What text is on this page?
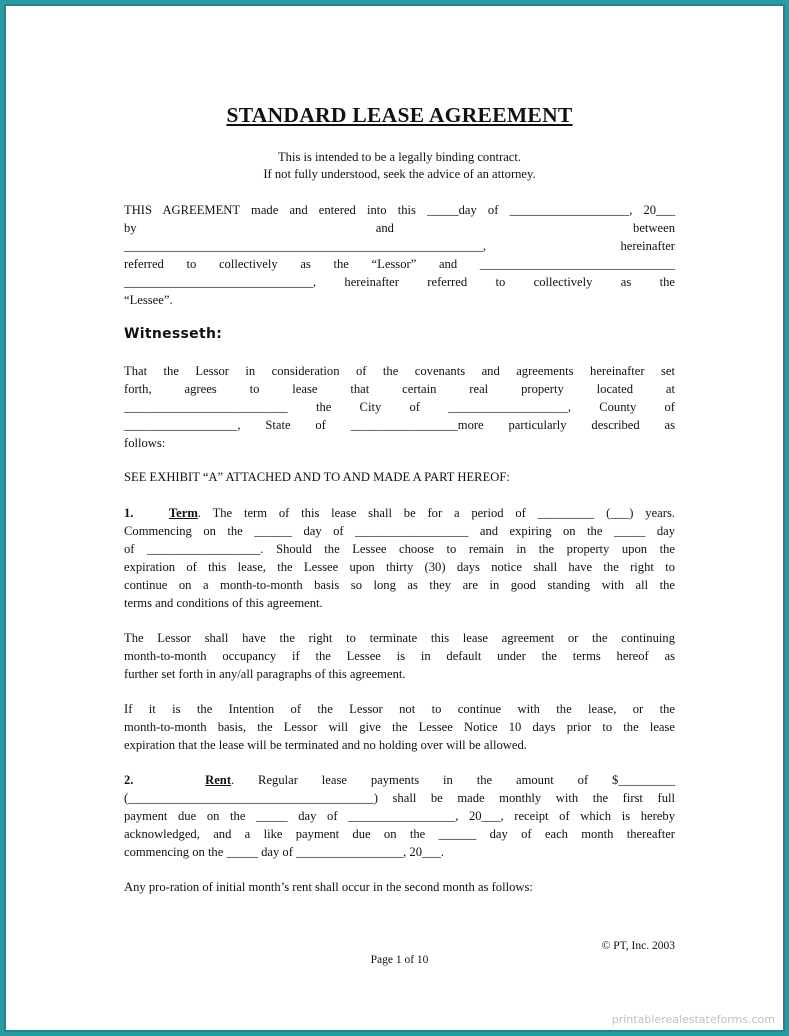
STANDARD LEASE AGREEMENT
This is intended to be a legally binding contract.
If not fully understood, seek the advice of an attorney.
THIS AGREEMENT made and entered into this _____day of ___________________, 20___
by and between
_________________________________________________________, hereinafter
referred to collectively as the “Lessor” and _______________________________
______________________________, hereinafter referred to collectively as the
“Lessee”.
Witnesseth:
That the Lessor in consideration of the covenants and agreements hereinafter set
forth, agrees to lease that certain real property located at
__________________________ the City of ___________________, County of
__________________, State of _________________more particularly described as
follows:
SEE EXHIBIT “A” ATTACHED AND TO AND MADE A PART HEREOF:
1.	Term. The term of this lease shall be for a period of _________ (___) years.
Commencing on the ______ day of __________________ and expiring on the _____ day
of __________________. Should the Lessee choose to remain in the property upon the
expiration of this lease, the Lessee upon thirty (30) days notice shall have the right to
continue on a month-to-month basis so long as they are in good standing with all the
terms and conditions of this agreement.
The Lessor shall have the right to terminate this lease agreement or the continuing
month-to-month occupancy if the Lessee is in default under the terms hereof as
further set forth in any/all paragraphs of this agreement.
If it is the Intention of the Lessor not to continue with the lease, or the
month-to-month basis, the Lessor will give the Lessee Notice 10 days prior to the lease
expiration that the lease will be terminated and no holding over will be allowed.
2.	Rent. Regular lease payments in the amount of $_________
(_______________________________________) shall be made monthly with the first full
payment due on the _____ day of _________________, 20___, receipt of which is hereby
acknowledged, and a like payment due on the ______ day of each month thereafter
commencing on the _____ day of _________________, 20___.
Any pro-ration of initial month’s rent shall occur in the second month as follows:
© PT, Inc. 2003
Page 1 of 10
printablerealestateforms.com
